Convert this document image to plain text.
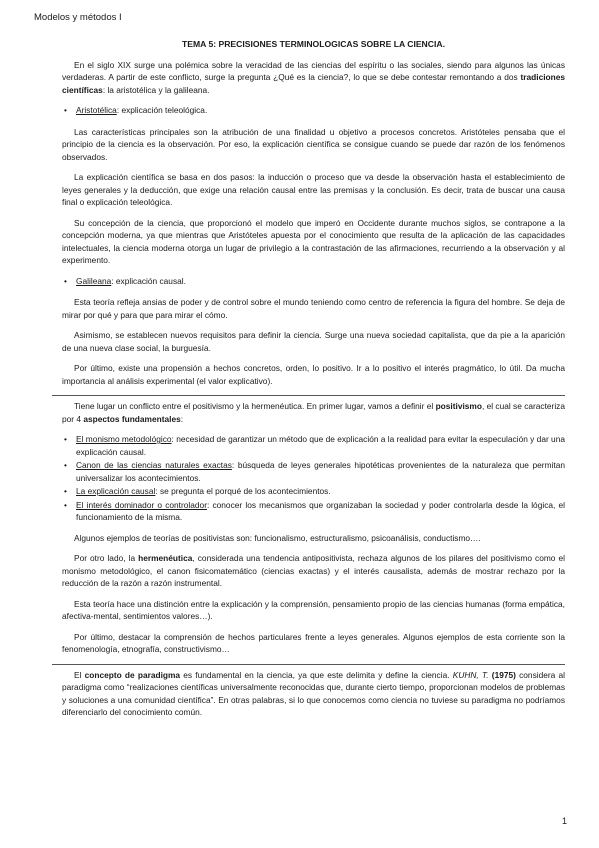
Modelos y métodos I
TEMA 5: PRECISIONES TERMINOLOGICAS SOBRE LA CIENCIA.

En el siglo XIX surge una polémica sobre la veracidad de las ciencias del espíritu o las sociales, siendo para algunos las únicas verdaderas. A partir de este conflicto, surge la pregunta ¿Qué es la ciencia?, lo que se debe contestar remontando a dos tradiciones científicas: la aristotélica y la galileana.

• Aristotélica: explicación teleológica.

Las características principales son la atribución de una finalidad u objetivo a procesos concretos. Aristóteles pensaba que el principio de la ciencia es la observación. Por eso, la explicación científica se consigue cuando se puede dar razón de los fenómenos observados.

La explicación científica se basa en dos pasos: la inducción o proceso que va desde la observación hasta el establecimiento de leyes generales y la deducción, que exige una relación causal entre las premisas y la conclusión. Es decir, trata de buscar una causa final o explicación teleológica.

Su concepción de la ciencia, que proporcionó el modelo que imperó en Occidente durante muchos siglos, se contrapone a la concepción moderna, ya que mientras que Aristóteles apuesta por el conocimiento que resulta de la aplicación de las capacidades intelectuales, la ciencia moderna otorga un lugar de privilegio a la contrastación de las afirmaciones, recurriendo a la observación y al experimento.

• Galileana: explicación causal.

Esta teoría refleja ansias de poder y de control sobre el mundo teniendo como centro de referencia la figura del hombre. Se deja de mirar por qué y para que para mirar el cómo.

Asimismo, se establecen nuevos requisitos para definir la ciencia. Surge una nueva sociedad capitalista, que da pie a la aparición de una nueva clase social, la burguesía.

Por último, existe una propensión a hechos concretos, orden, lo positivo. Ir a lo positivo el interés pragmático, lo útil. Da mucha importancia al análisis experimental (el valor explicativo).

Tiene lugar un conflicto entre el positivismo y la hermenéutica. En primer lugar, vamos a definir el positivismo, el cual se caracteriza por 4 aspectos fundamentales:

• El monismo metodológico: necesidad de garantizar un método que de explicación a la realidad para evitar la especulación y dar una explicación causal.
• Canon de las ciencias naturales exactas: búsqueda de leyes generales hipotéticas provenientes de la naturaleza que permitan universalizar los acontecimientos.
• La explicación causal: se pregunta el porqué de los acontecimientos.
• El interés dominador o controlador: conocer los mecanismos que organizaban la sociedad y poder controlarla desde la lógica, el funcionamiento de la misma.

Algunos ejemplos de teorías de positivistas son: funcionalismo, estructuralismo, psicoanálisis, conductismo….

Por otro lado, la hermenéutica, considerada una tendencia antipositivista, rechaza algunos de los pilares del positivismo como el monismo metodológico, el canon fisicomatemático (ciencias exactas) y el interés causalista, además de mostrar rechazo por la reducción de la razón a razón instrumental.

Esta teoría hace una distinción entre la explicación y la comprensión, pensamiento propio de las ciencias humanas (forma empática, afectiva-mental, sentimientos valores…).

Por último, destacar la comprensión de hechos particulares frente a leyes generales. Algunos ejemplos de esta corriente son la fenomenología, etnografía, constructivismo…

El concepto de paradigma es fundamental en la ciencia, ya que este delimita y define la ciencia. KUHN, T. (1975) considera al paradigma como “realizaciones científicas universalmente reconocidas que, durante cierto tiempo, proporcionan modelos de problemas y soluciones a una comunidad científica”. En otras palabras, si lo que conocemos como ciencia no tuviese su paradigma no podríamos diferenciarlo del conocimiento común.

1
